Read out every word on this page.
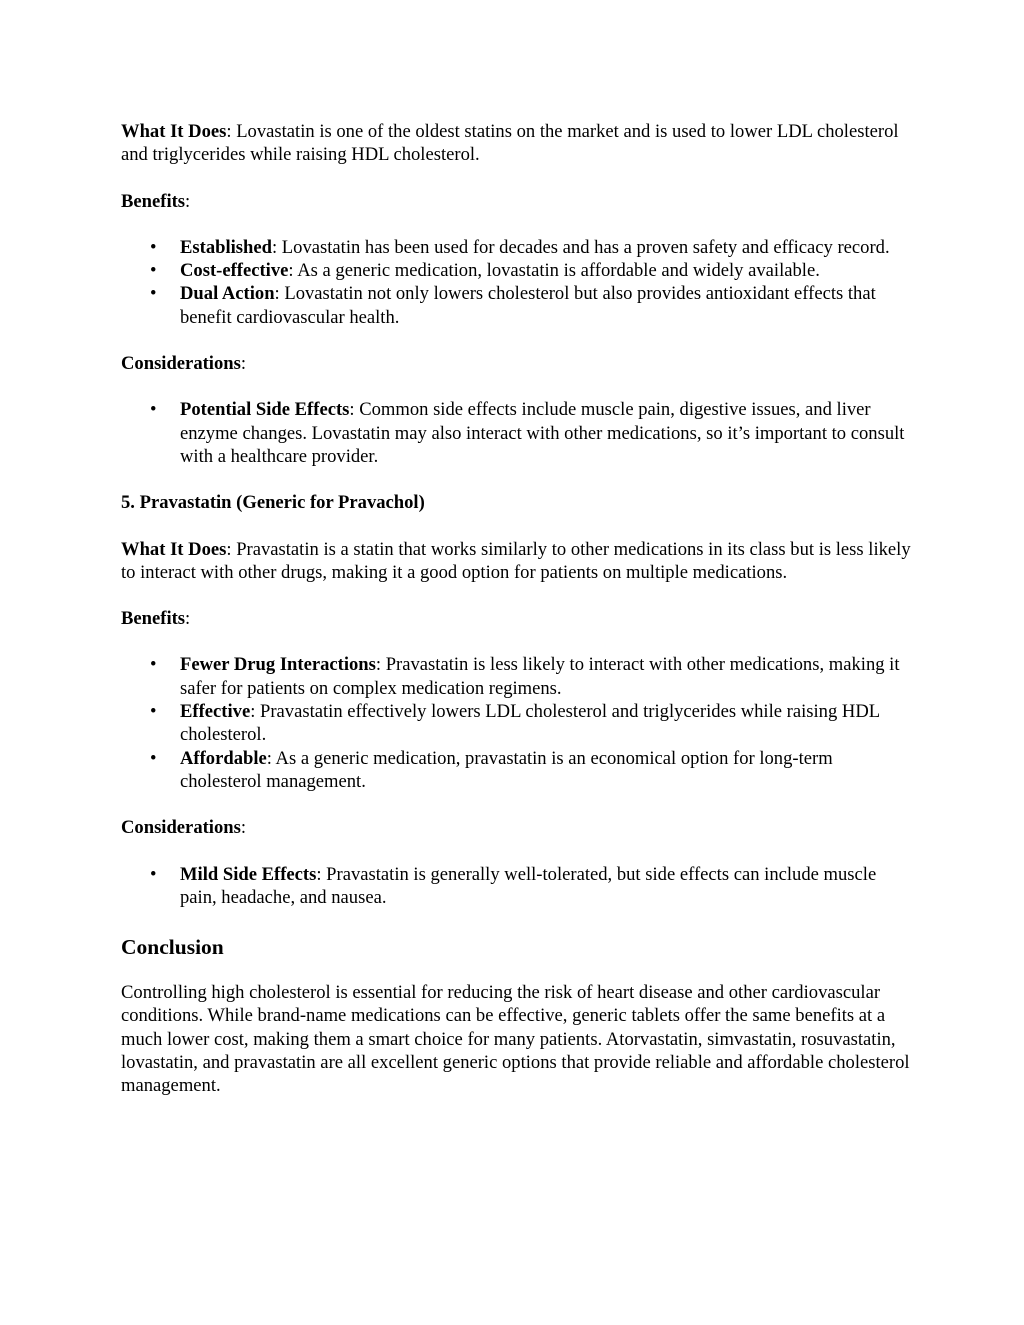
What It Does: Lovastatin is one of the oldest statins on the market and is used to lower LDL cholesterol and triglycerides while raising HDL cholesterol.

Benefits:

• Established: Lovastatin has been used for decades and has a proven safety and efficacy record.
• Cost-effective: As a generic medication, lovastatin is affordable and widely available.
• Dual Action: Lovastatin not only lowers cholesterol but also provides antioxidant effects that benefit cardiovascular health.

Considerations:

• Potential Side Effects: Common side effects include muscle pain, digestive issues, and liver enzyme changes. Lovastatin may also interact with other medications, so it’s important to consult with a healthcare provider.

5. Pravastatin (Generic for Pravachol)

What It Does: Pravastatin is a statin that works similarly to other medications in its class but is less likely to interact with other drugs, making it a good option for patients on multiple medications.

Benefits:

• Fewer Drug Interactions: Pravastatin is less likely to interact with other medications, making it safer for patients on complex medication regimens.
• Effective: Pravastatin effectively lowers LDL cholesterol and triglycerides while raising HDL cholesterol.
• Affordable: As a generic medication, pravastatin is an economical option for long-term cholesterol management.

Considerations:

• Mild Side Effects: Pravastatin is generally well-tolerated, but side effects can include muscle pain, headache, and nausea.
Conclusion

Controlling high cholesterol is essential for reducing the risk of heart disease and other cardiovascular conditions. While brand-name medications can be effective, generic tablets offer the same benefits at a much lower cost, making them a smart choice for many patients. Atorvastatin, simvastatin, rosuvastatin, lovastatin, and pravastatin are all excellent generic options that provide reliable and affordable cholesterol management.
